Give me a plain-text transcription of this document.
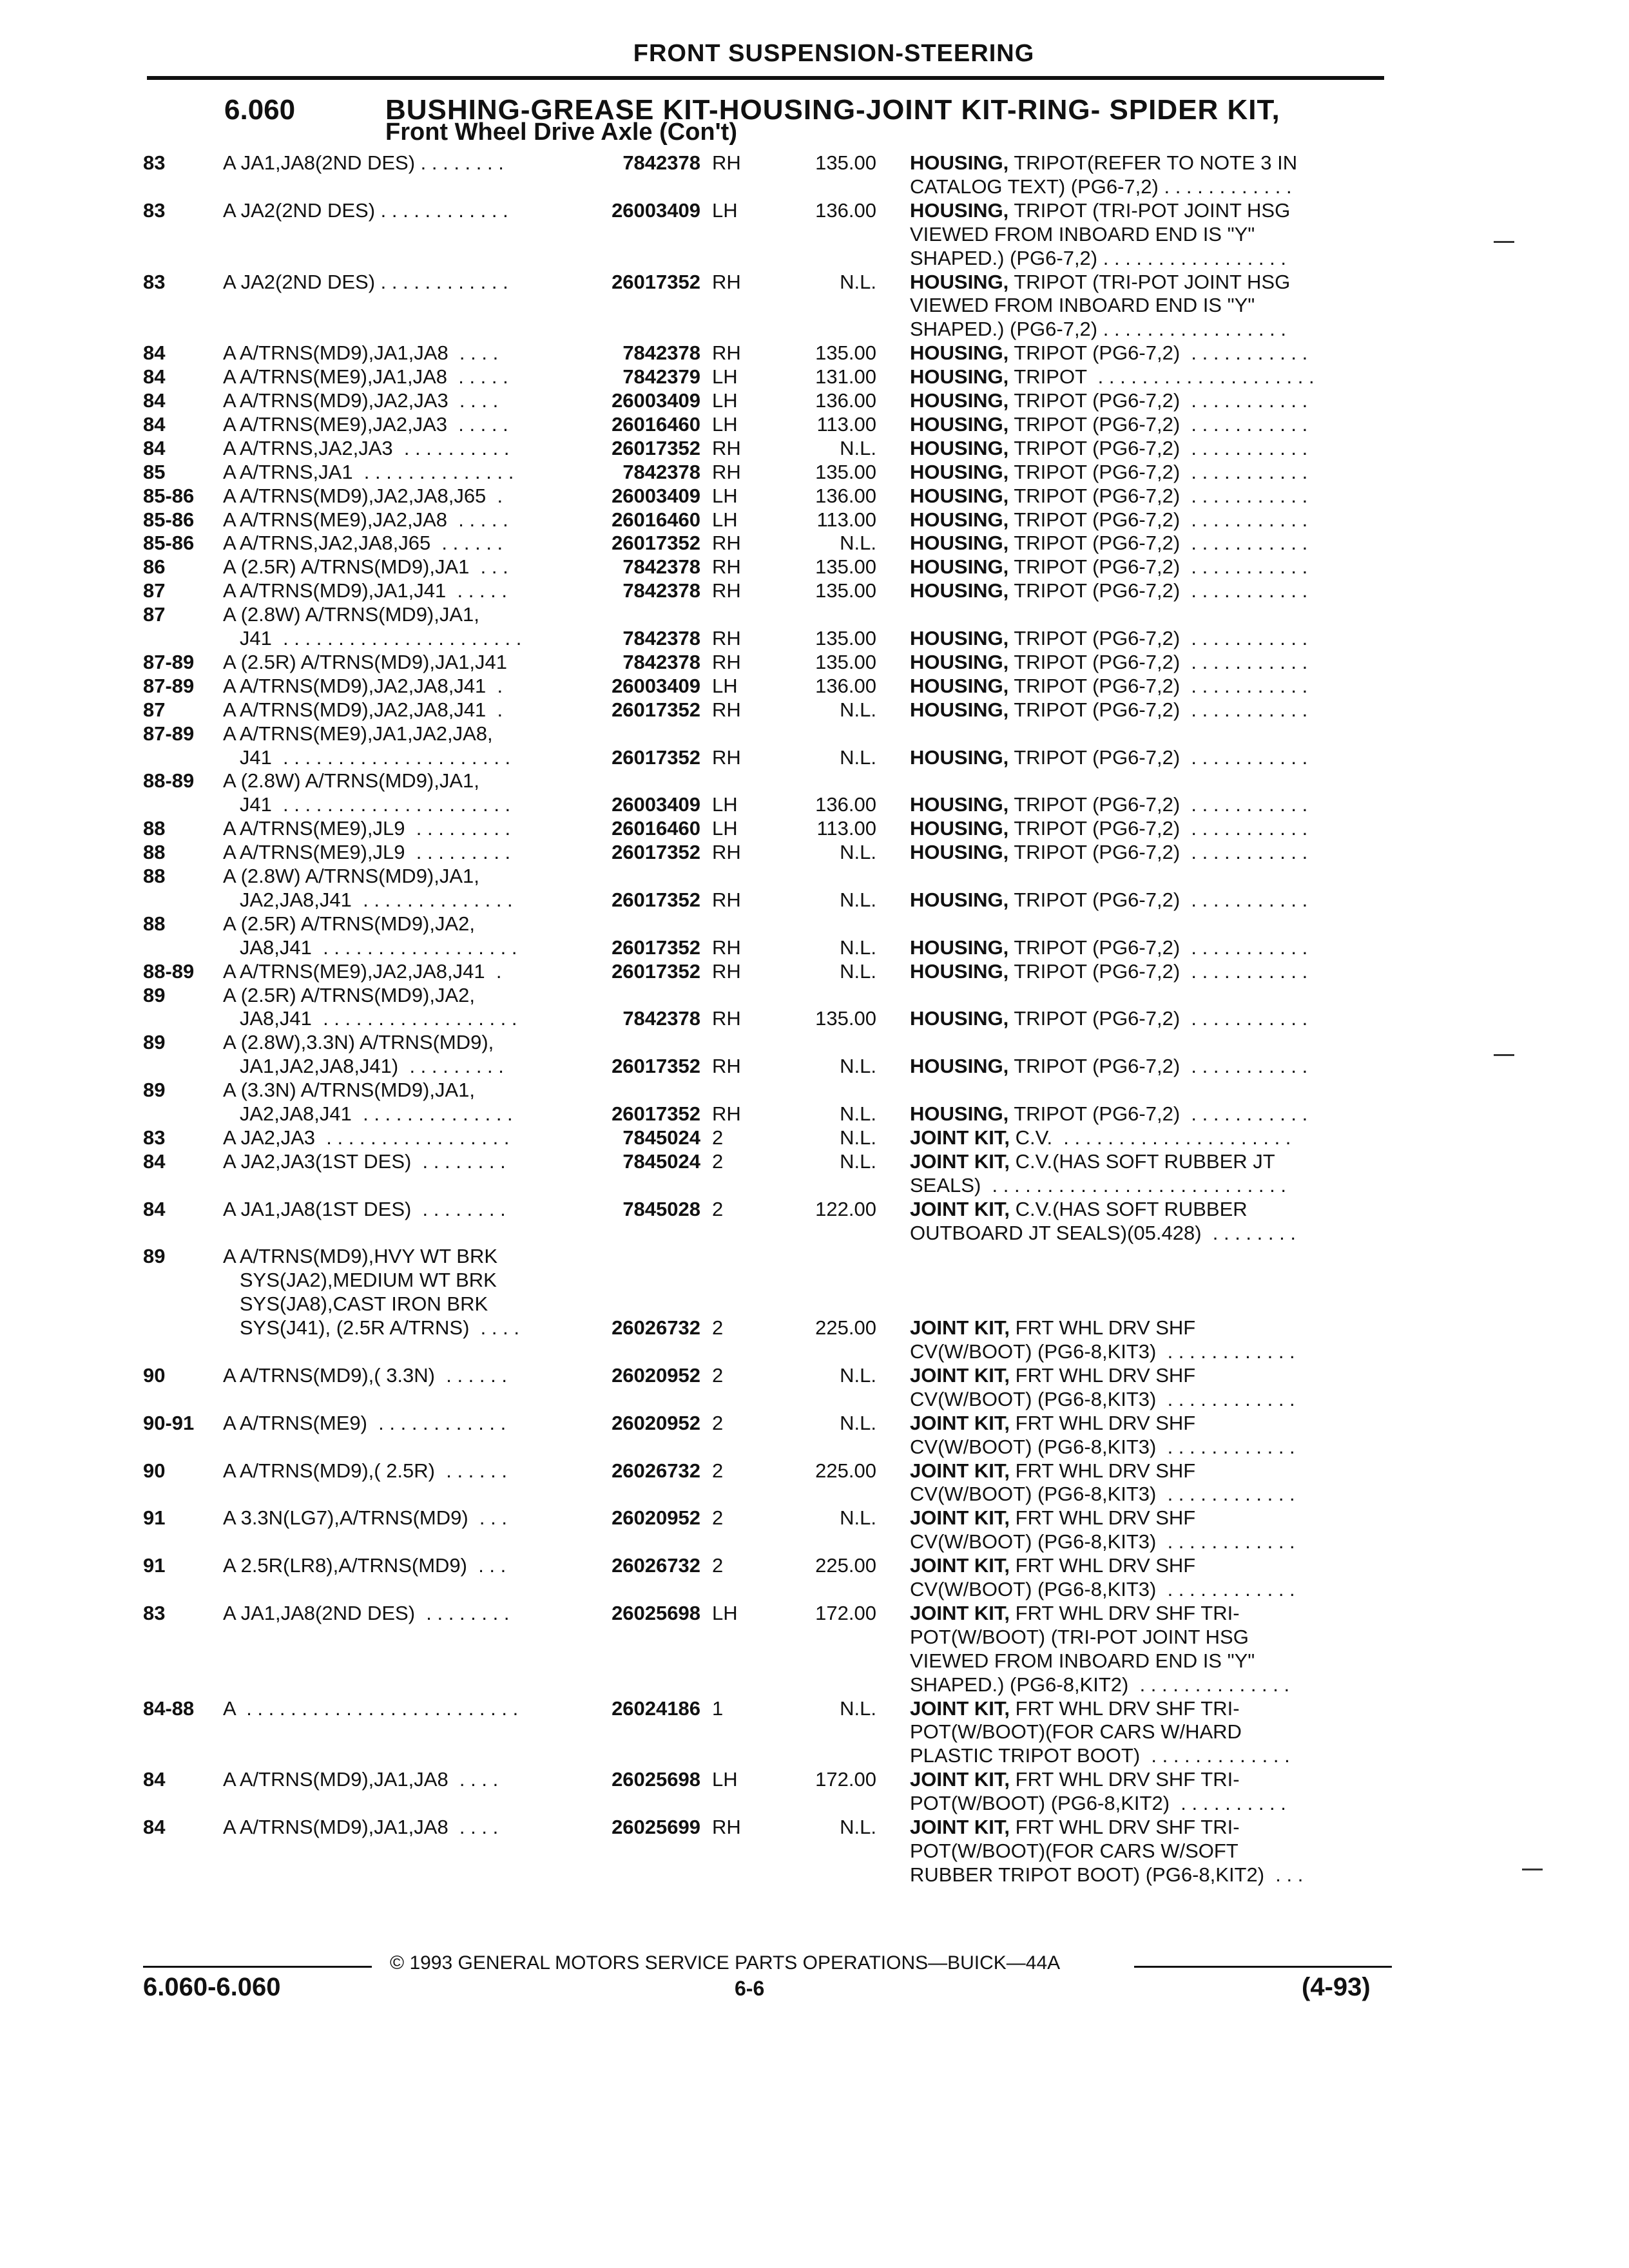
FRONT SUSPENSION-STEERING
6.060	BUSHING-GREASE KIT-HOUSING-JOINT KIT-RING- SPIDER KIT,
Front Wheel Drive Axle (Con't)
83	A JA1,JA8(2ND DES) . . . . . . . .	7842378 RH	135.00 HOUSING, TRIPOT(REFER TO NOTE 3 IN
CATALOG TEXT) (PG6-7,2) . . . . . . . . . . . .
83	A JA2(2ND DES) . . . . . . . . . . . .	26003409 LH	136.00 HOUSING, TRIPOT (TRI-POT JOINT HSG
VIEWED FROM INBOARD END IS "Y"
SHAPED.) (PG6-7,2) . . . . . . . . . . . . . . . . .
83	A JA2(2ND DES) . . . . . . . . . . . .	26017352 RH	N.L. HOUSING, TRIPOT (TRI-POT JOINT HSG
VIEWED FROM INBOARD END IS "Y"
SHAPED.) (PG6-7,2) . . . . . . . . . . . . . . . . .
84	A A/TRNS(MD9),JA1,JA8  . . . .	7842378 RH	135.00 HOUSING, TRIPOT (PG6-7,2)  . . . . . . . . . . .
84	A A/TRNS(ME9),JA1,JA8  . . . . .	7842379 LH	131.00 HOUSING, TRIPOT  . . . . . . . . . . . . . . . . . . . .
84	A A/TRNS(MD9),JA2,JA3  . . . .	26003409 LH	136.00 HOUSING, TRIPOT (PG6-7,2)  . . . . . . . . . . .
84	A A/TRNS(ME9),JA2,JA3  . . . . .	26016460 LH	113.00 HOUSING, TRIPOT (PG6-7,2)  . . . . . . . . . . .
84	A A/TRNS,JA2,JA3  . . . . . . . . . .	26017352 RH	N.L. HOUSING, TRIPOT (PG6-7,2)  . . . . . . . . . . .
85	A A/TRNS,JA1  . . . . . . . . . . . . . .	7842378 RH	135.00 HOUSING, TRIPOT (PG6-7,2)  . . . . . . . . . . .
85-86 A A/TRNS(MD9),JA2,JA8,J65  .	26003409 LH	136.00 HOUSING, TRIPOT (PG6-7,2)  . . . . . . . . . . .
85-86 A A/TRNS(ME9),JA2,JA8  . . . . .	26016460 LH	113.00 HOUSING, TRIPOT (PG6-7,2)  . . . . . . . . . . .
85-86 A A/TRNS,JA2,JA8,J65  . . . . . .	26017352 RH	N.L. HOUSING, TRIPOT (PG6-7,2)  . . . . . . . . . . .
86	A (2.5R) A/TRNS(MD9),JA1  . . .	7842378 RH	135.00 HOUSING, TRIPOT (PG6-7,2)  . . . . . . . . . . .
87	A A/TRNS(MD9),JA1,J41  . . . . .	7842378 RH	135.00 HOUSING, TRIPOT (PG6-7,2)  . . . . . . . . . . .
87	A (2.8W) A/TRNS(MD9),JA1,
J41  . . . . . . . . . . . . . . . . . . . . . .	7842378 RH	135.00 HOUSING, TRIPOT (PG6-7,2)  . . . . . . . . . . .
87-89 A (2.5R) A/TRNS(MD9),JA1,J41	7842378 RH	135.00 HOUSING, TRIPOT (PG6-7,2)  . . . . . . . . . . .
87-89 A A/TRNS(MD9),JA2,JA8,J41  .	26003409 LH	136.00 HOUSING, TRIPOT (PG6-7,2)  . . . . . . . . . . .
87	A A/TRNS(MD9),JA2,JA8,J41  .	26017352 RH	N.L. HOUSING, TRIPOT (PG6-7,2)  . . . . . . . . . . .
87-89 A A/TRNS(ME9),JA1,JA2,JA8,
J41  . . . . . . . . . . . . . . . . . . . . .	26017352 RH	N.L. HOUSING, TRIPOT (PG6-7,2)  . . . . . . . . . . .
88-89 A (2.8W) A/TRNS(MD9),JA1,
J41  . . . . . . . . . . . . . . . . . . . . .	26003409 LH	136.00 HOUSING, TRIPOT (PG6-7,2)  . . . . . . . . . . .
88	A A/TRNS(ME9),JL9  . . . . . . . . .	26016460 LH	113.00 HOUSING, TRIPOT (PG6-7,2)  . . . . . . . . . . .
88	A A/TRNS(ME9),JL9  . . . . . . . . .	26017352 RH	N.L. HOUSING, TRIPOT (PG6-7,2)  . . . . . . . . . . .
88	A (2.8W) A/TRNS(MD9),JA1,
JA2,JA8,J41  . . . . . . . . . . . . . .	26017352 RH	N.L. HOUSING, TRIPOT (PG6-7,2)  . . . . . . . . . . .
88	A (2.5R) A/TRNS(MD9),JA2,
JA8,J41  . . . . . . . . . . . . . . . . . .	26017352 RH	N.L. HOUSING, TRIPOT (PG6-7,2)  . . . . . . . . . . .
88-89 A A/TRNS(ME9),JA2,JA8,J41  .	26017352 RH	N.L. HOUSING, TRIPOT (PG6-7,2)  . . . . . . . . . . .
89	A (2.5R) A/TRNS(MD9),JA2,
JA8,J41  . . . . . . . . . . . . . . . . . .	7842378 RH	135.00 HOUSING, TRIPOT (PG6-7,2)  . . . . . . . . . . .
89	A (2.8W),3.3N) A/TRNS(MD9),
JA1,JA2,JA8,J41)  . . . . . . . . .	26017352 RH	N.L. HOUSING, TRIPOT (PG6-7,2)  . . . . . . . . . . .
89	A (3.3N) A/TRNS(MD9),JA1,
JA2,JA8,J41  . . . . . . . . . . . . . .	26017352 RH	N.L. HOUSING, TRIPOT (PG6-7,2)  . . . . . . . . . . .
83	A JA2,JA3  . . . . . . . . . . . . . . . . .	7845024 2	N.L. JOINT KIT, C.V.  . . . . . . . . . . . . . . . . . . . . .
84	A JA2,JA3(1ST DES)  . . . . . . . .	7845024 2	N.L. JOINT KIT, C.V.(HAS SOFT RUBBER JT
SEALS)  . . . . . . . . . . . . . . . . . . . . . . . . . . .
84	A JA1,JA8(1ST DES)  . . . . . . . .	7845028 2	122.00 JOINT KIT, C.V.(HAS SOFT RUBBER
OUTBOARD JT SEALS)(05.428)  . . . . . . . .
89	A A/TRNS(MD9),HVY WT BRK
SYS(JA2),MEDIUM WT BRK
SYS(JA8),CAST IRON BRK
SYS(J41), (2.5R A/TRNS)  . . . .	26026732 2	225.00 JOINT KIT, FRT WHL DRV SHF
CV(W/BOOT) (PG6-8,KIT3)  . . . . . . . . . . . .
90	A A/TRNS(MD9),( 3.3N)  . . . . . .	26020952 2	N.L. JOINT KIT, FRT WHL DRV SHF
CV(W/BOOT) (PG6-8,KIT3)  . . . . . . . . . . . .
90-91 A A/TRNS(ME9)  . . . . . . . . . . . .	26020952 2	N.L. JOINT KIT, FRT WHL DRV SHF
CV(W/BOOT) (PG6-8,KIT3)  . . . . . . . . . . . .
90	A A/TRNS(MD9),( 2.5R)  . . . . . .	26026732 2	225.00 JOINT KIT, FRT WHL DRV SHF
CV(W/BOOT) (PG6-8,KIT3)  . . . . . . . . . . . .
91	A 3.3N(LG7),A/TRNS(MD9)  . . .	26020952 2	N.L. JOINT KIT, FRT WHL DRV SHF
CV(W/BOOT) (PG6-8,KIT3)  . . . . . . . . . . . .
91	A 2.5R(LR8),A/TRNS(MD9)  . . .	26026732 2	225.00 JOINT KIT, FRT WHL DRV SHF
CV(W/BOOT) (PG6-8,KIT3)  . . . . . . . . . . . .
83	A JA1,JA8(2ND DES)  . . . . . . . .	26025698 LH	172.00 JOINT KIT, FRT WHL DRV SHF TRI-
POT(W/BOOT) (TRI-POT JOINT HSG
VIEWED FROM INBOARD END IS "Y"
SHAPED.) (PG6-8,KIT2)  . . . . . . . . . . . . . .
84-88 A  . . . . . . . . . . . . . . . . . . . . . . . . .	26024186 1	N.L. JOINT KIT, FRT WHL DRV SHF TRI-
POT(W/BOOT)(FOR CARS W/HARD
PLASTIC TRIPOT BOOT)  . . . . . . . . . . . . .
84	A A/TRNS(MD9),JA1,JA8  . . . .	26025698 LH	172.00 JOINT KIT, FRT WHL DRV SHF TRI-
POT(W/BOOT) (PG6-8,KIT2)  . . . . . . . . . .
84	A A/TRNS(MD9),JA1,JA8  . . . .	26025699 RH	N.L. JOINT KIT, FRT WHL DRV SHF TRI-
POT(W/BOOT)(FOR CARS W/SOFT
RUBBER TRIPOT BOOT) (PG6-8,KIT2)  . . .
© 1993 GENERAL MOTORS SERVICE PARTS OPERATIONS—BUICK—44A
6.060-6.060	6-6	(4-93)
